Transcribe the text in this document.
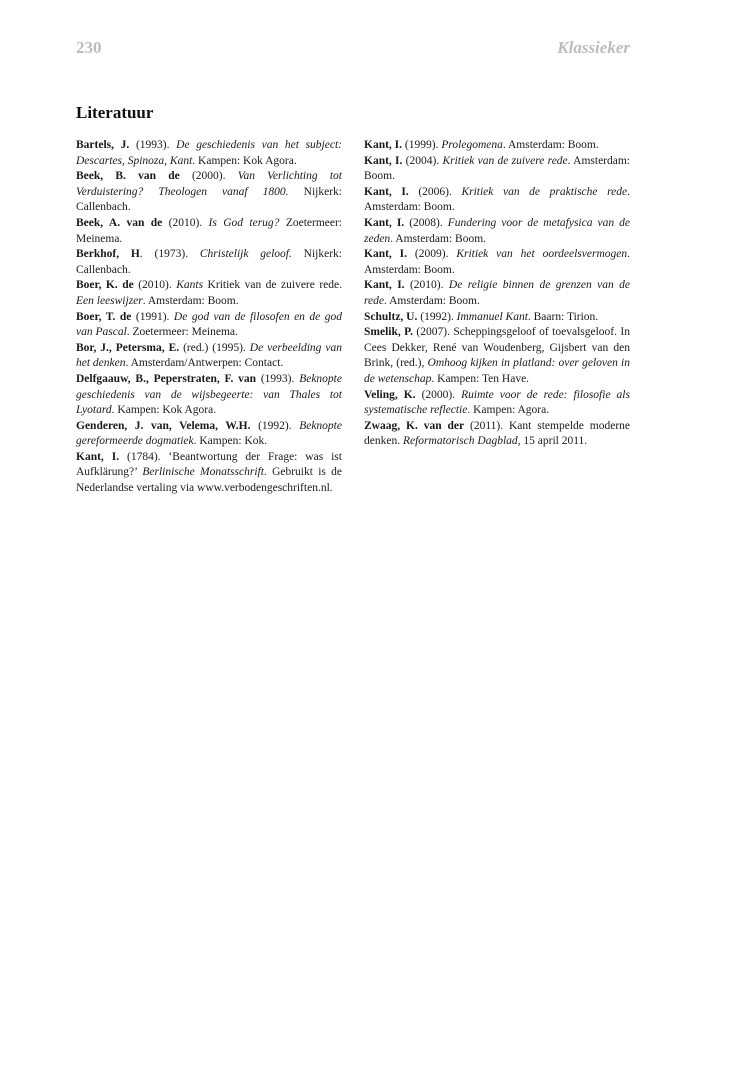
230	Klassieker
Literatuur

Bartels, J. (1993). De geschiedenis van het subject: Descartes, Spinoza, Kant. Kampen: Kok Agora.

Beek, B. van de (2000). Van Verlichting tot Verduistering? Theologen vanaf 1800. Nijkerk: Callenbach.

Beek, A. van de (2010). Is God terug? Zoetermeer: Meinema.

Berkhof, H. (1973). Christelijk geloof. Nijkerk: Callenbach.

Boer, K. de (2010). Kants Kritiek van de zuivere rede. Een leeswijzer. Amsterdam: Boom.

Boer, T. de (1991). De god van de filosofen en de god van Pascal. Zoetermeer: Meinema.

Bor, J., Petersma, E. (red.) (1995). De verbeelding van het denken. Amsterdam/Antwerpen: Contact.

Delfgaauw, B., Peperstraten, F. van (1993). Beknopte geschiedenis van de wijsbegeerte: van Thales tot Lyotard. Kampen: Kok Agora.

Genderen, J. van, Velema, W.H. (1992). Beknopte gereformeerde dogmatiek. Kampen: Kok.

Kant, I. (1784). ‘Beantwortung der Frage: was ist Aufklärung?’ Berlinische Monatsschrift. Gebruikt is de Nederlandse vertaling via www.verbodengeschriften.nl.

Kant, I. (1999). Prolegomena. Amsterdam: Boom.

Kant, I. (2004). Kritiek van de zuivere rede. Amsterdam: Boom.

Kant, I. (2006). Kritiek van de praktische rede. Amsterdam: Boom.

Kant, I. (2008). Fundering voor de metafysica van de zeden. Amsterdam: Boom.

Kant, I. (2009). Kritiek van het oordeelsvermogen. Amsterdam: Boom.

Kant, I. (2010). De religie binnen de grenzen van de rede. Amsterdam: Boom.

Schultz, U. (1992). Immanuel Kant. Baarn: Tirion.

Smelik, P. (2007). Scheppingsgeloof of toevalsgeloof. In Cees Dekker, René van Woudenberg, Gijsbert van den Brink, (red.), Omhoog kijken in platland: over geloven in de wetenschap. Kampen: Ten Have.

Veling, K. (2000). Ruimte voor de rede: filosofie als systematische reflectie. Kampen: Agora.

Zwaag, K. van der (2011). Kant stempelde moderne denken. Reformatorisch Dagblad, 15 april 2011.
